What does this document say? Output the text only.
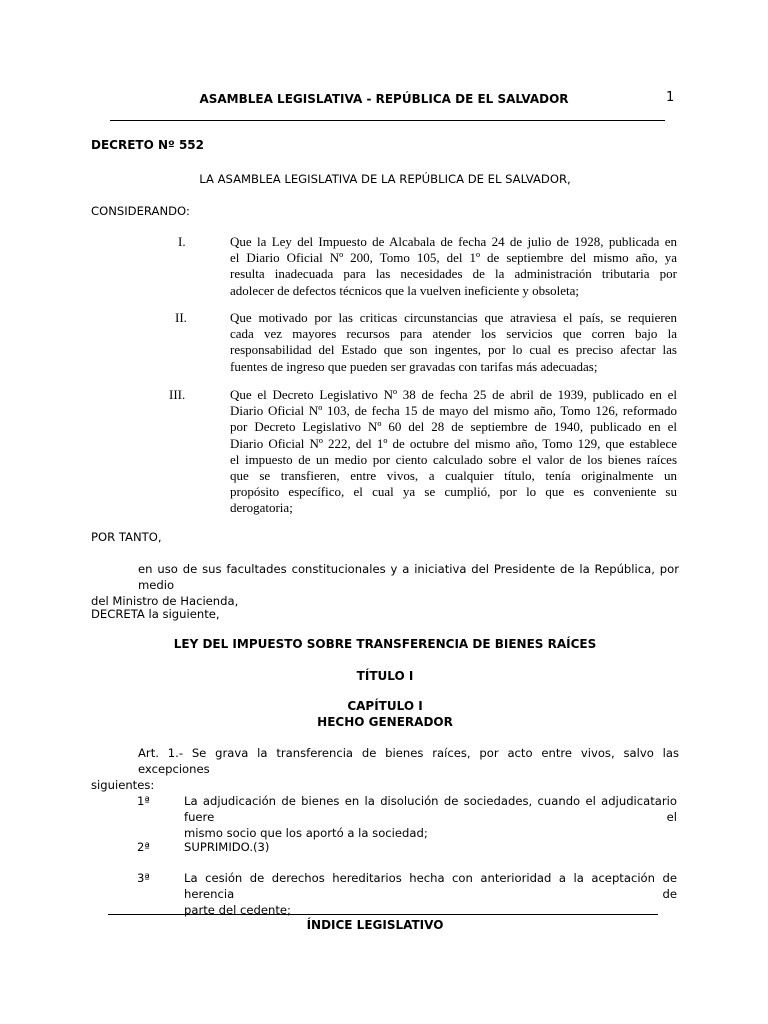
ASAMBLEA LEGISLATIVA - REPÚBLICA DE EL SALVADOR	1
DECRETO Nº 552
LA ASAMBLEA LEGISLATIVA DE LA REPÚBLICA DE EL SALVADOR,
CONSIDERANDO:
I.	Que la Ley del Impuesto de Alcabala de fecha 24 de julio de 1928, publicada en
el Diario Oficial Nº 200, Tomo 105, del 1º de septiembre del mismo año, ya
resulta inadecuada para las necesidades de la administración tributaria por
adolecer de defectos técnicos que la vuelven ineficiente y obsoleta;
II.	Que motivado por las criticas circunstancias que atraviesa el país, se requieren
cada vez mayores recursos para atender los servicios que corren bajo la
responsabilidad del Estado que son ingentes, por lo cual es preciso afectar las
fuentes de ingreso que pueden ser gravadas con tarifas más adecuadas;
III.	Que el Decreto Legislativo Nº 38 de fecha 25 de abril de 1939, publicado en el
Diario Oficial Nº 103, de fecha 15 de mayo del mismo año, Tomo 126, reformado
por Decreto Legislativo Nº 60 del 28 de septiembre de 1940, publicado en el
Diario Oficial Nº 222, del 1º de octubre del mismo año, Tomo 129, que establece
el impuesto de un medio por ciento calculado sobre el valor de los bienes raíces
que se transfieren, entre vivos, a cualquier título, tenía originalmente un
propósito específico, el cual ya se cumplió, por lo que es conveniente su
derogatoria;
POR TANTO,
en uso de sus facultades constitucionales y a iniciativa del Presidente de la República, por medio
del Ministro de Hacienda,
DECRETA la siguiente,
LEY DEL IMPUESTO SOBRE TRANSFERENCIA DE BIENES RAÍCES
TÍTULO I
CAPÍTULO I
HECHO GENERADOR
Art. 1.- Se grava la transferencia de bienes raíces, por acto entre vivos, salvo las excepciones
siguientes:
1ª	La adjudicación de bienes en la disolución de sociedades, cuando el adjudicatario fuere el
mismo socio que los aportó a la sociedad;
2ª	SUPRIMIDO.(3)
3ª	La cesión de derechos hereditarios hecha con anterioridad a la aceptación de herencia de
parte del cedente;
ÍNDICE LEGISLATIVO
